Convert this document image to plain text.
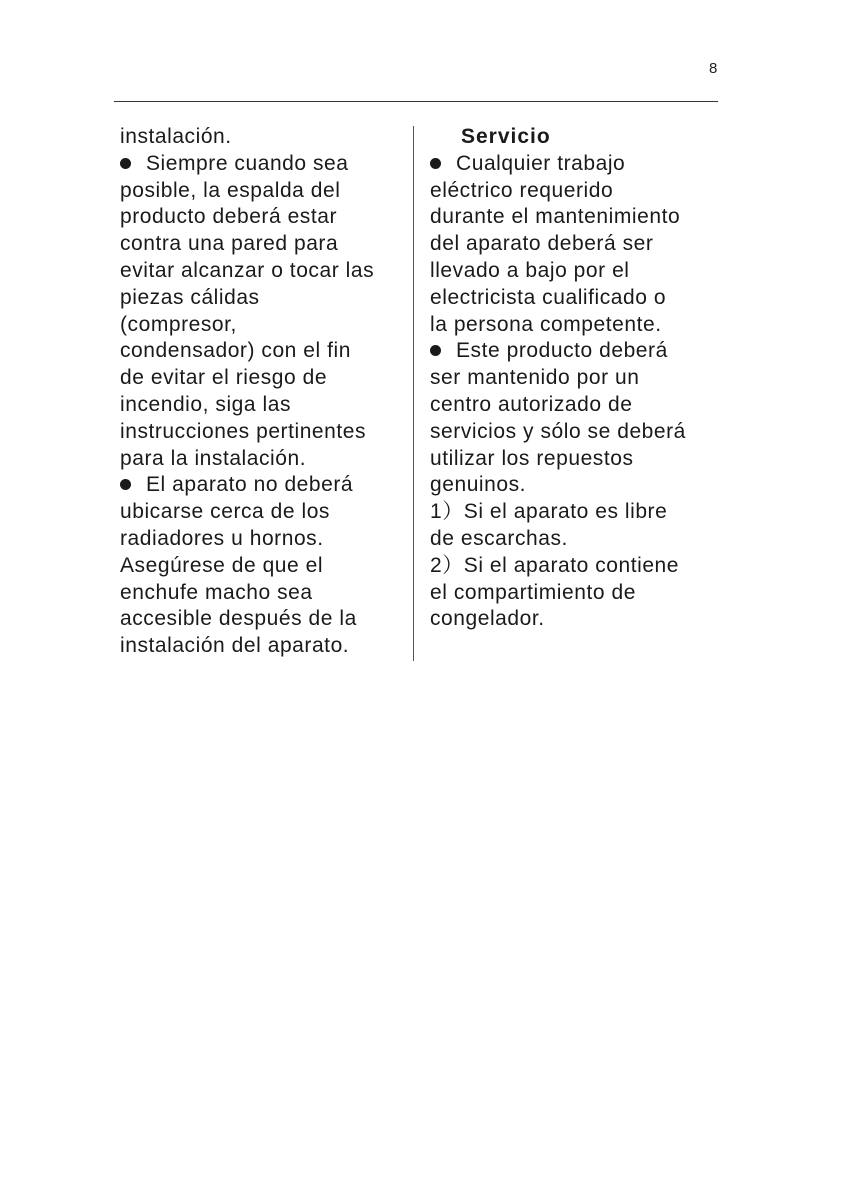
8
instalación.
Siempre cuando sea
posible, la espalda del
producto deberá estar
contra una pared para
evitar alcanzar o tocar las
piezas cálidas
(compresor,
condensador) con el fin
de evitar el riesgo de
incendio, siga las
instrucciones pertinentes
para la instalación.
El aparato no deberá
ubicarse cerca de los
radiadores u hornos.
Asegúrese de que el
enchufe macho sea
accesible después de la
instalación del aparato.
Servicio
Cualquier trabajo
eléctrico requerido
durante el mantenimiento
del aparato deberá ser
llevado a bajo por el
electricista cualificado o
la persona competente.
Este producto deberá
ser mantenido por un
centro autorizado de
servicios y sólo se deberá
utilizar los repuestos
genuinos.
1）Si el aparato es libre
de escarchas.
2）Si el aparato contiene
el compartimiento de
congelador.
